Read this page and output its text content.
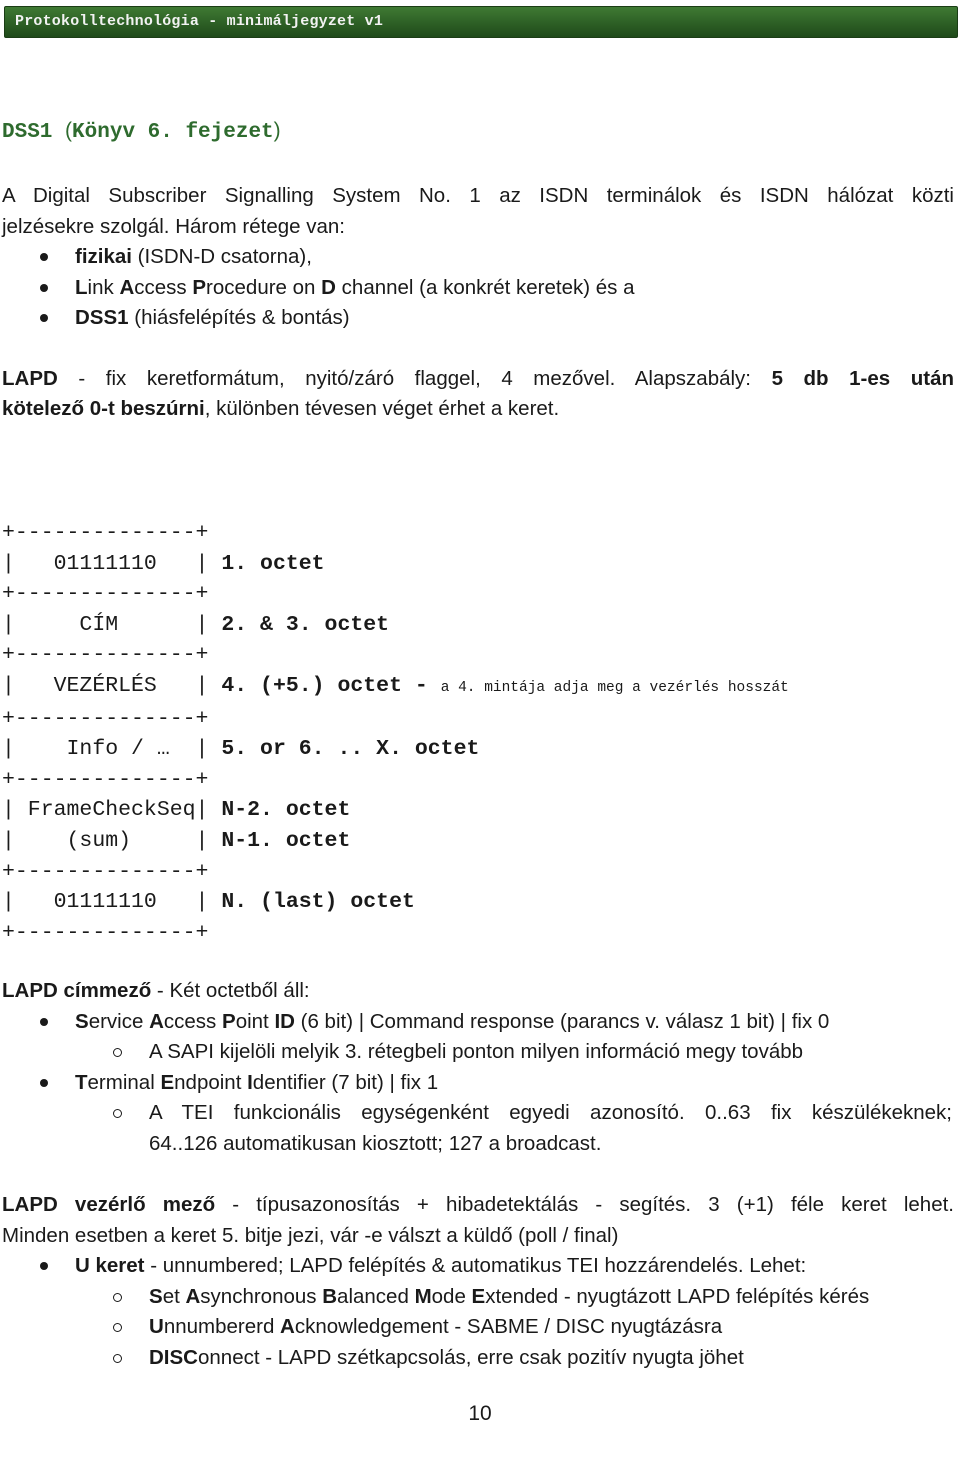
Protokolltechnológia - minimáljegyzet v1
DSS1 (Könyv 6. fejezet)
A Digital Subscriber Signalling System No. 1 az ISDN terminálok és ISDN hálózat közti
jelzésekre szolgál. Három rétege van:
fizikai (ISDN-D csatorna),
Link Access Procedure on D channel (a konkrét keretek) és a
DSS1 (hiásfelépítés & bontás)
LAPD - fix keretformátum, nyitó/záró flaggel, 4 mezővel. Alapszabály: 5 db 1-es után
kötelező 0-t beszúrni, különben tévesen véget érhet a keret.
+--------------+
|   01111110   | 1. octet
+--------------+
|     CÍM      | 2. & 3. octet
+--------------+
|   VEZÉRLÉS   | 4. (+5.) octet - a 4. mintája adja meg a vezérlés hosszát
+--------------+
|    Info / …  | 5. or 6. .. X. octet
+--------------+
| FrameCheckSeq| N-2. octet
|    (sum)     | N-1. octet
+--------------+
|   01111110   | N. (last) octet
+--------------+
LAPD címmező - Két octetből áll:
Service Access Point ID (6 bit) | Command response (parancs v. válasz 1 bit) | fix 0
A SAPI kijelöli melyik 3. rétegbeli ponton milyen információ megy tovább
Terminal Endpoint Identifier (7 bit) | fix 1
A TEI funkcionális egységenként egyedi azonosító. 0..63 fix készülékeknek;
64..126 automatikusan kiosztott; 127 a broadcast.
LAPD vezérlő mező - típusazonosítás + hibadetektálás - segítés. 3 (+1) féle keret lehet.
Minden esetben a keret 5. bitje jezi, vár -e válszt a küldő (poll / final)
U keret - unnumbered; LAPD felépítés & automatikus TEI hozzárendelés. Lehet:
Set Asynchronous Balanced Mode Extended - nyugtázott LAPD felépítés kérés
Unnumbererd Acknowledgement - SABME / DISC nyugtázásra
DISConnect - LAPD szétkapcsolás, erre csak pozitív nyugta jöhet
10
